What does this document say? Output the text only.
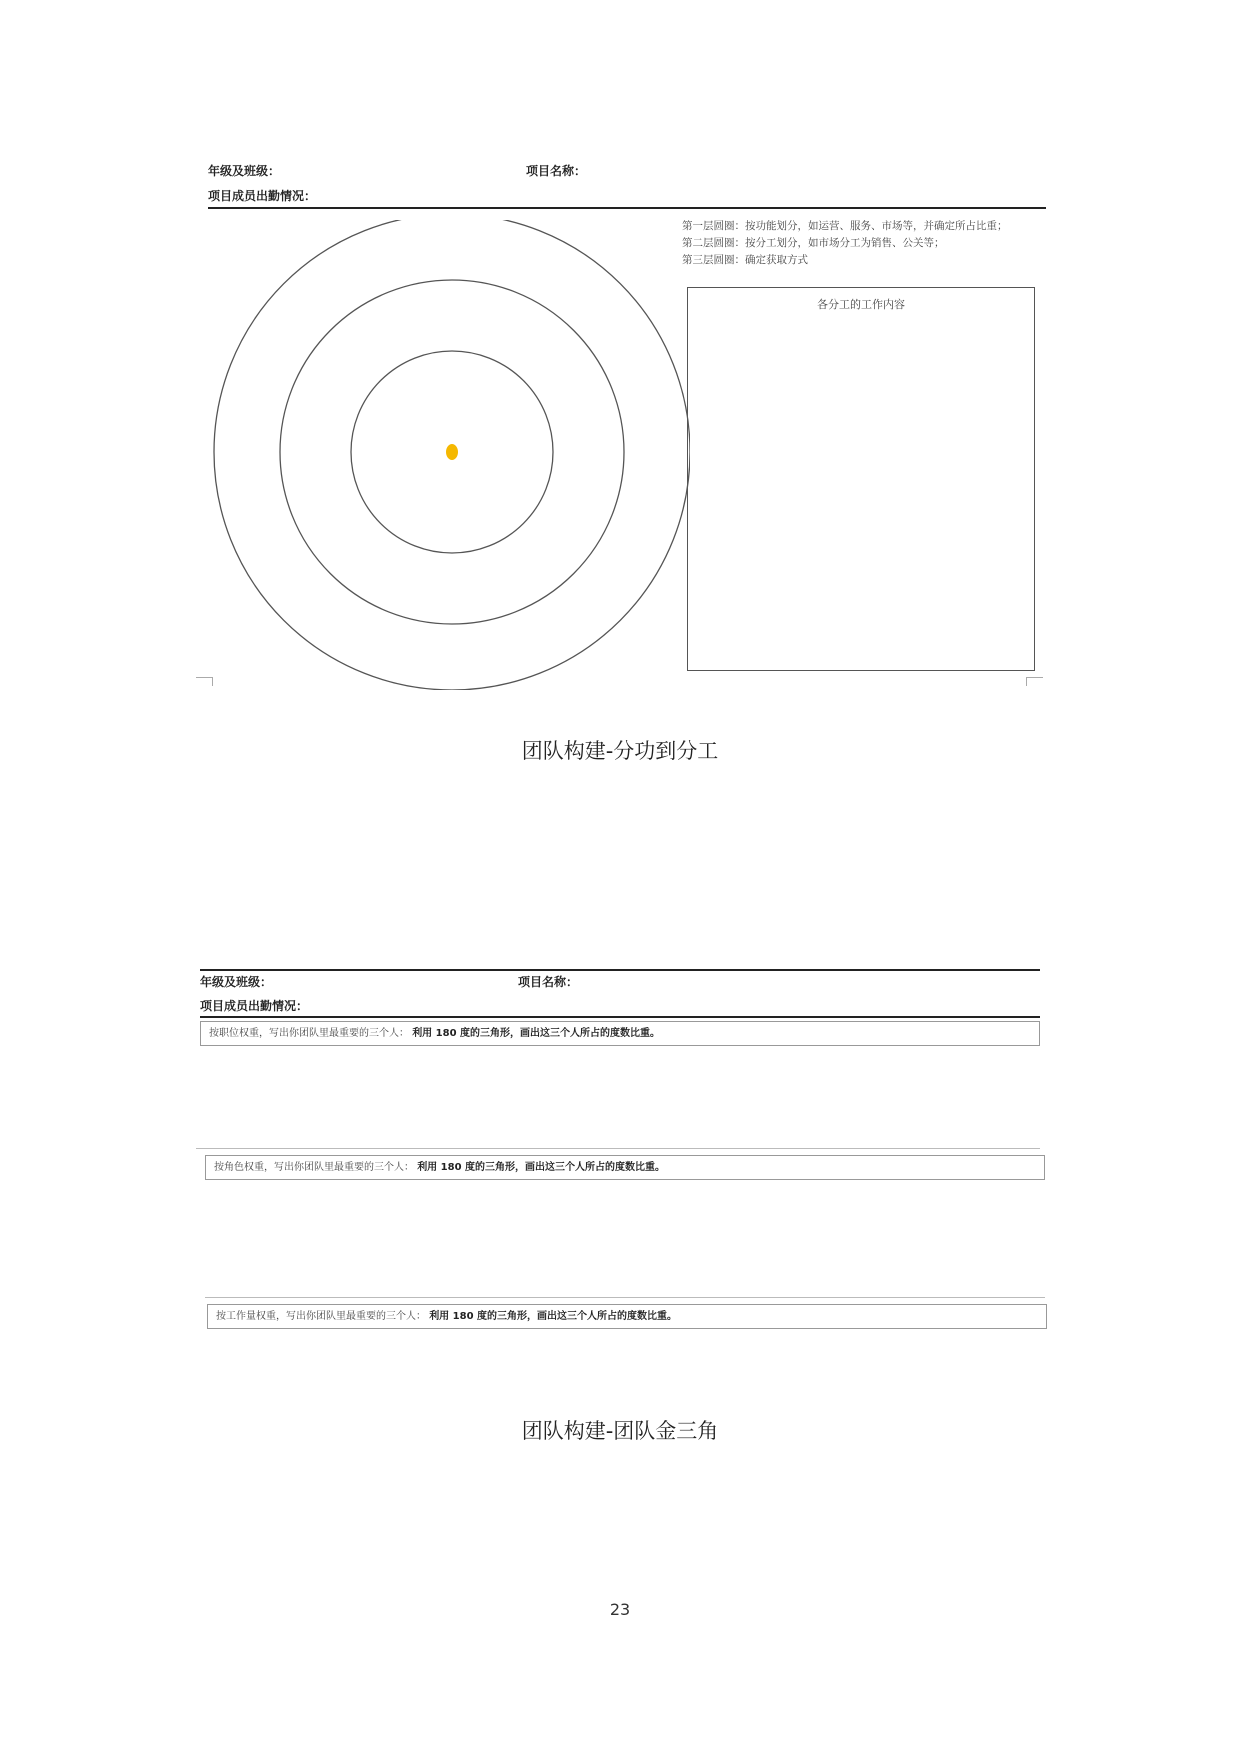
年级及班级：	项目名称：
项目成员出勤情况：
第一层圆圈：按功能划分，如运营、服务、市场等，并确定所占比重；
第二层圆圈：按分工划分，如市场分工为销售、公关等；
第三层圆圈：确定获取方式
各分工的工作内容
团队构建-分功到分工
年级及班级：	项目名称：
项目成员出勤情况：
按职位权重，写出你团队里最重要的三个人： 利用 180 度的三角形，画出这三个人所占的度数比重。
按角色权重，写出你团队里最重要的三个人： 利用 180 度的三角形，画出这三个人所占的度数比重。
按工作量权重，写出你团队里最重要的三个人： 利用 180 度的三角形，画出这三个人所占的度数比重。
团队构建-团队金三角
23
